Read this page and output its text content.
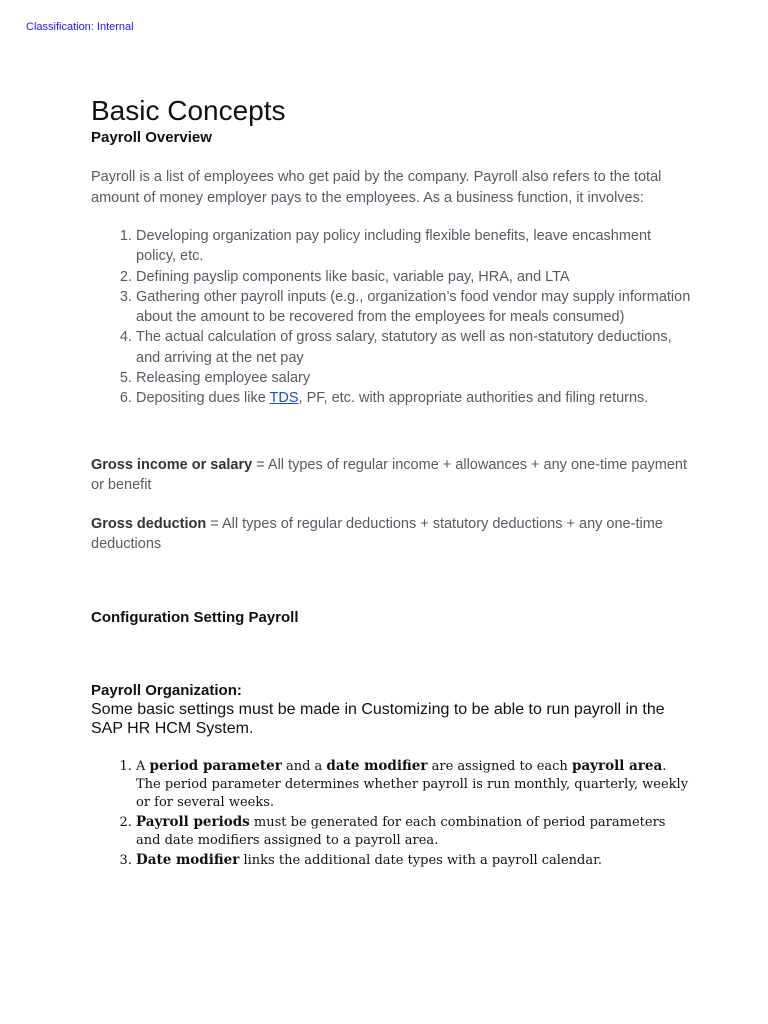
Classification: Internal
Basic Concepts
Payroll Overview

Payroll is a list of employees who get paid by the company. Payroll also refers to the total amount of money employer pays to the employees. As a business function, it involves:

1. Developing organization pay policy including flexible benefits, leave encashment policy, etc.
2. Defining payslip components like basic, variable pay, HRA, and LTA
3. Gathering other payroll inputs (e.g., organization’s food vendor may supply information about the amount to be recovered from the employees for meals consumed)
4. The actual calculation of gross salary, statutory as well as non-statutory deductions, and arriving at the net pay
5. Releasing employee salary
6. Depositing dues like TDS, PF, etc. with appropriate authorities and filing returns.

Gross income or salary = All types of regular income + allowances + any one-time payment or benefit

Gross deduction = All types of regular deductions + statutory deductions + any one-time deductions

Configuration Setting Payroll
Payroll Organization:

Some basic settings must be made in Customizing to be able to run payroll in the SAP HR HCM System.

1. A period parameter and a date modifier are assigned to each payroll area. The period parameter determines whether payroll is run monthly, quarterly, weekly or for several weeks.
2. Payroll periods must be generated for each combination of period parameters and date modifiers assigned to a payroll area.
3. Date modifier links the additional date types with a payroll calendar.
